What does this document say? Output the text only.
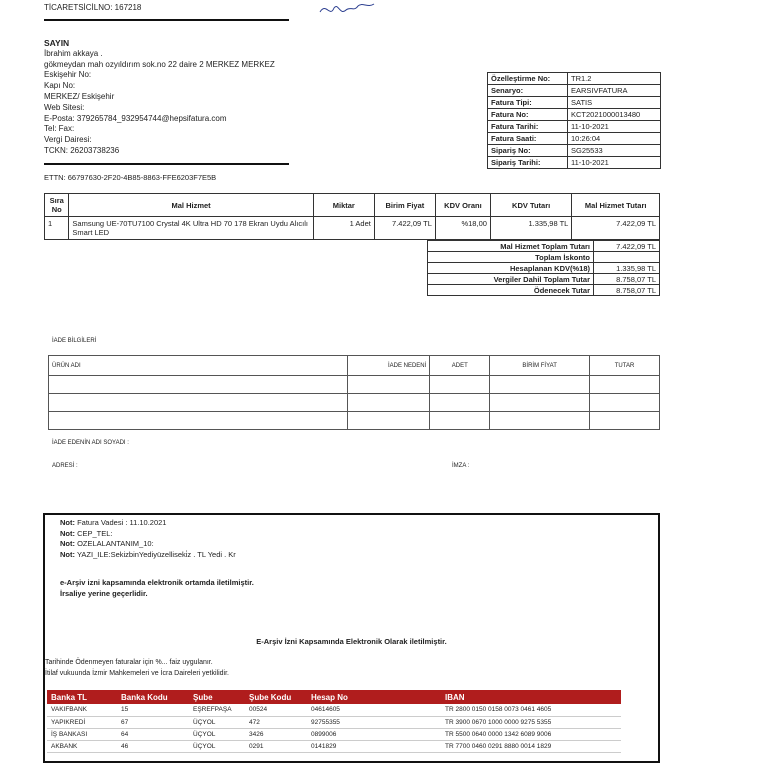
TİCARETSİCİLNO: 167218
SAYIN
İbrahim akkaya .
gökmeydan mah ozyıldırım sok.no 22 daire 2 MERKEZ MERKEZ
Eskişehir No:
Kapı No:
MERKEZ/ Eskişehir
Web Sitesi:
E-Posta: 379265784_932954744@hepsifatura.com
Tel: Fax:
Vergi Dairesi:
TCKN: 26203738236
ETTN: 66797630-2F20-4B85-8863-FFE6203F7E5B
Özelleştirme No:	TR1.2
Senaryo:	EARSIVFATURA
Fatura Tipi:	SATIS
Fatura No:	KCT2021000013480
Fatura Tarihi:	11-10-2021
Fatura Saati:	10:26:04
Sipariş No:	SG25533
Sipariş Tarihi:	11-10-2021
Sıra No	Mal Hizmet	Miktar	Birim Fiyat	KDV Oranı	KDV Tutarı	Mal Hizmet Tutarı
1	Samsung UE-70TU7100 Crystal 4K Ultra HD 70 178 Ekran Uydu Alıcılı Smart LED	1 Adet	7.422,09 TL	%18,00	1.335,98 TL	7.422,09 TL
Mal Hizmet Toplam Tutarı	7.422,09 TL
Toplam İskonto	
Hesaplanan KDV(%18)	1.335,98 TL
Vergiler Dahil Toplam Tutar	8.758,07 TL
Ödenecek Tutar	8.758,07 TL
İADE BİLGİLERİ
ÜRÜN ADI	İADE NEDENİ	ADET	BİRİM FİYAT	TUTAR

İADE EDENİN ADI SOYADI :
ADRESİ :	İMZA :
Not: Fatura Vadesi : 11.10.2021
Not: CEP_TEL:
Not: OZELALANTANIM_10:
Not: YAZI_ILE:SekizbinYediyüzelliseki̇z . TL Yedi . Kr
e-Arşiv izni kapsamında elektronik ortamda iletilmiştir.
İrsaliye yerine geçerlidir.
E-Arşiv İzni Kapsamında Elektronik Olarak iletilmiştir.
Tarihinde Ödenmeyen faturalar için %... faiz uygulanır.
İtilaf vukuunda İzmir Mahkemeleri ve İcra Daireleri yetkilidir.
Banka TL	Banka Kodu	Şube	Şube Kodu	Hesap No	IBAN
VAKIFBANK	15	EŞREFPAŞA	00524	04614605	TR 2800 0150 0158 0073 0461 4605
YAPIKREDİ	67	ÜÇYOL	472	92755355	TR 3900 0670 1000 0000 9275 5355
İŞ BANKASI	64	ÜÇYOL	3426	0899006	TR 5500 0640 0000 1342 6089 9006
AKBANK	46	ÜÇYOL	0291	0141829	TR 7700 0460 0291 8880 0014 1829
